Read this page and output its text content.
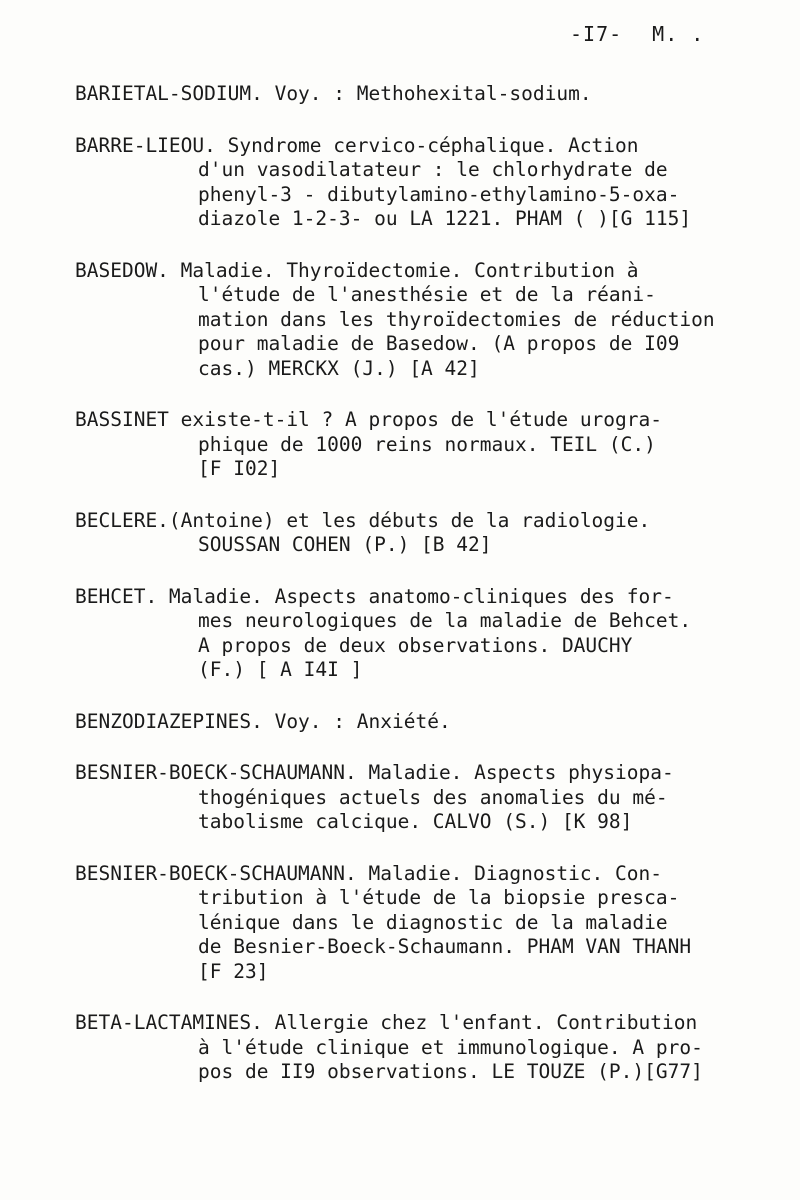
-I7- M. .
BARIETAL-SODIUM. Voy. : Methohexital-sodium.
BARRE-LIEOU. Syndrome cervico-céphalique. Action
d'un vasodilatateur : le chlorhydrate de
phenyl-3 - dibutylamino-ethylamino-5-oxa-
diazole 1-2-3- ou LA 1221. PHAM ( )[G 115]
BASEDOW. Maladie. Thyroïdectomie. Contribution à
l'étude de l'anesthésie et de la réani-
mation dans les thyroïdectomies de réduction
pour maladie de Basedow. (A propos de I09
cas.) MERCKX (J.) [A 42]
BASSINET existe-t-il ? A propos de l'étude urogra-
phique de 1000 reins normaux. TEIL (C.)
[F I02]
BECLERE.(Antoine) et les débuts de la radiologie.
SOUSSAN COHEN (P.) [B 42]
BEHCET. Maladie. Aspects anatomo-cliniques des for-
mes neurologiques de la maladie de Behcet.
A propos de deux observations. DAUCHY
(F.) [ A I4I ]
BENZODIAZEPINES. Voy. : Anxiété.
BESNIER-BOECK-SCHAUMANN. Maladie. Aspects physiopa-
thogéniques actuels des anomalies du mé-
tabolisme calcique. CALVO (S.) [K 98]
BESNIER-BOECK-SCHAUMANN. Maladie. Diagnostic. Con-
tribution à l'étude de la biopsie presca-
lénique dans le diagnostic de la maladie
de Besnier-Boeck-Schaumann. PHAM VAN THANH
[F 23]
BETA-LACTAMINES. Allergie chez l'enfant. Contribution
à l'étude clinique et immunologique. A pro-
pos de II9 observations. LE TOUZE (P.)[G77]
